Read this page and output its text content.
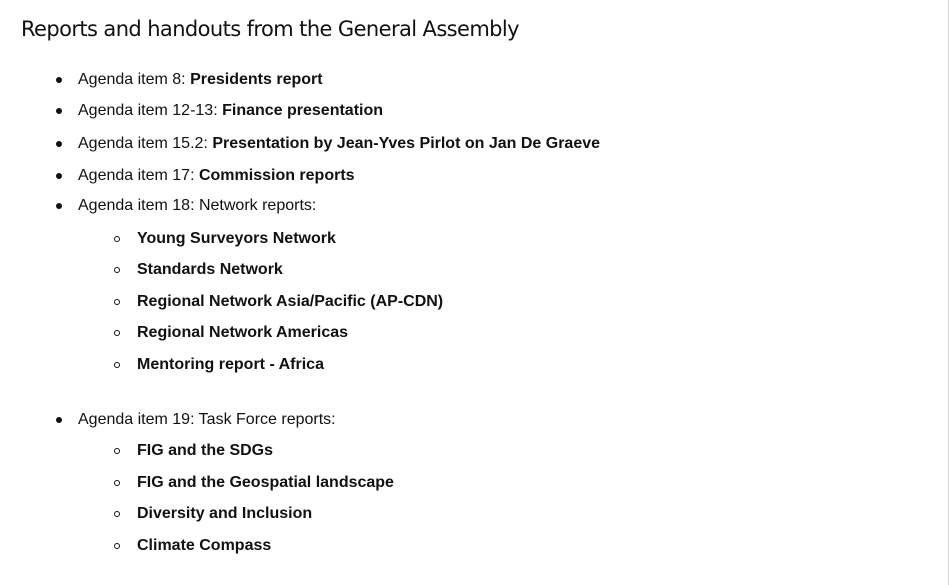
Reports and handouts from the General Assembly
Agenda item 8: Presidents report
Agenda item 12-13: Finance presentation
Agenda item 15.2: Presentation by Jean-Yves Pirlot on Jan De Graeve
Agenda item 17: Commission reports
Agenda item 18: Network reports:
Young Surveyors Network
Standards Network
Regional Network Asia/Pacific (AP-CDN)
Regional Network Americas
Mentoring report - Africa
Agenda item 19: Task Force reports:
FIG and the SDGs
FIG and the Geospatial landscape
Diversity and Inclusion
Climate Compass
